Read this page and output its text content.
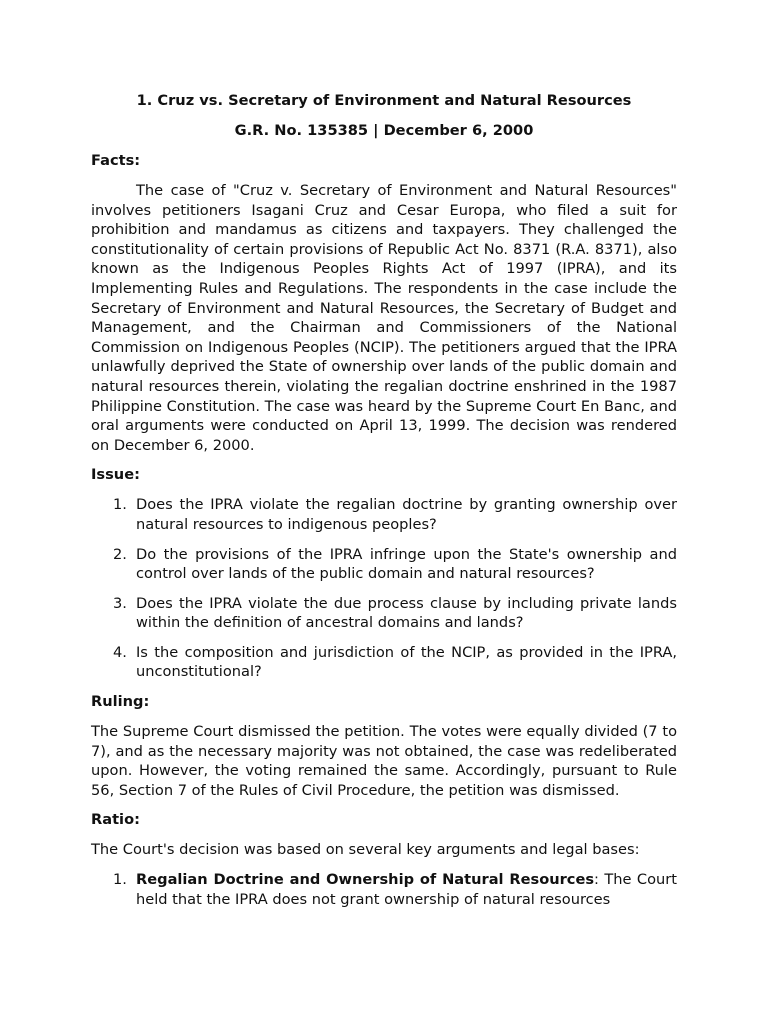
1. Cruz vs. Secretary of Environment and Natural Resources
G.R. No. 135385 | December 6, 2000
Facts:
The case of "Cruz v. Secretary of Environment and Natural Resources" involves petitioners Isagani Cruz and Cesar Europa, who filed a suit for prohibition and mandamus as citizens and taxpayers. They challenged the constitutionality of certain provisions of Republic Act No. 8371 (R.A. 8371), also known as the Indigenous Peoples Rights Act of 1997 (IPRA), and its Implementing Rules and Regulations. The respondents in the case include the Secretary of Environment and Natural Resources, the Secretary of Budget and Management, and the Chairman and Commissioners of the National Commission on Indigenous Peoples (NCIP). The petitioners argued that the IPRA unlawfully deprived the State of ownership over lands of the public domain and natural resources therein, violating the regalian doctrine enshrined in the 1987 Philippine Constitution. The case was heard by the Supreme Court En Banc, and oral arguments were conducted on April 13, 1999. The decision was rendered on December 6, 2000.
Issue:
1. Does the IPRA violate the regalian doctrine by granting ownership over natural resources to indigenous peoples?
2. Do the provisions of the IPRA infringe upon the State's ownership and control over lands of the public domain and natural resources?
3. Does the IPRA violate the due process clause by including private lands within the definition of ancestral domains and lands?
4. Is the composition and jurisdiction of the NCIP, as provided in the IPRA, unconstitutional?
Ruling:
The Supreme Court dismissed the petition. The votes were equally divided (7 to 7), and as the necessary majority was not obtained, the case was redeliberated upon. However, the voting remained the same. Accordingly, pursuant to Rule 56, Section 7 of the Rules of Civil Procedure, the petition was dismissed.
Ratio:
The Court's decision was based on several key arguments and legal bases:
1. Regalian Doctrine and Ownership of Natural Resources: The Court held that the IPRA does not grant ownership of natural resources
